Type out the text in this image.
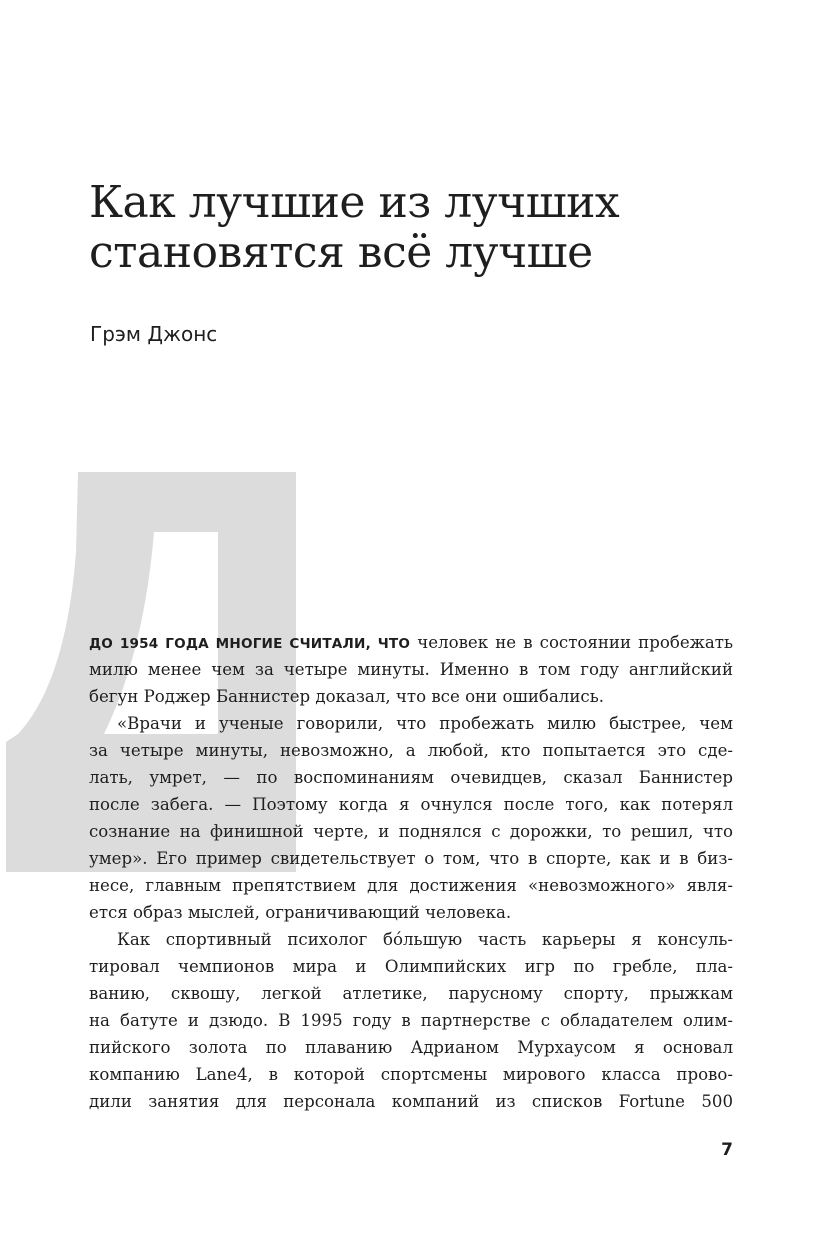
Как лучшие из лучших
становятся всё лучше

Грэм Джонс

ДО 1954 ГОДА МНОГИЕ СЧИТАЛИ, ЧТО человек не в состоянии пробежать
милю менее чем за четыре минуты. Именно в том году английский
бегун Роджер Баннистер доказал, что все они ошибались.
«Врачи и ученые говорили, что пробежать милю быстрее, чем
за четыре минуты, невозможно, а любой, кто попытается это сде-
лать, умрет, — по воспоминаниям очевидцев, сказал Баннистер
после забега. — Поэтому когда я очнулся после того, как потерял
сознание на финишной черте, и поднялся с дорожки, то решил, что
умер». Его пример свидетельствует о том, что в спорте, как и в биз-
несе, главным препятствием для достижения «невозможного» явля-
ется образ мыслей, ограничивающий человека.
Как спортивный психолог бóльшую часть карьеры я консуль-
тировал чемпионов мира и Олимпийских игр по гребле, пла-
ванию, сквошу, легкой атлетике, парусному спорту, прыжкам
на батуте и дзюдо. В 1995 году в партнерстве с обладателем олим-
пийского золота по плаванию Адрианом Мурхаусом я основал
компанию Lane4, в которой спортсмены мирового класса прово-
дили занятия для персонала компаний из списков Fortune 500
7
